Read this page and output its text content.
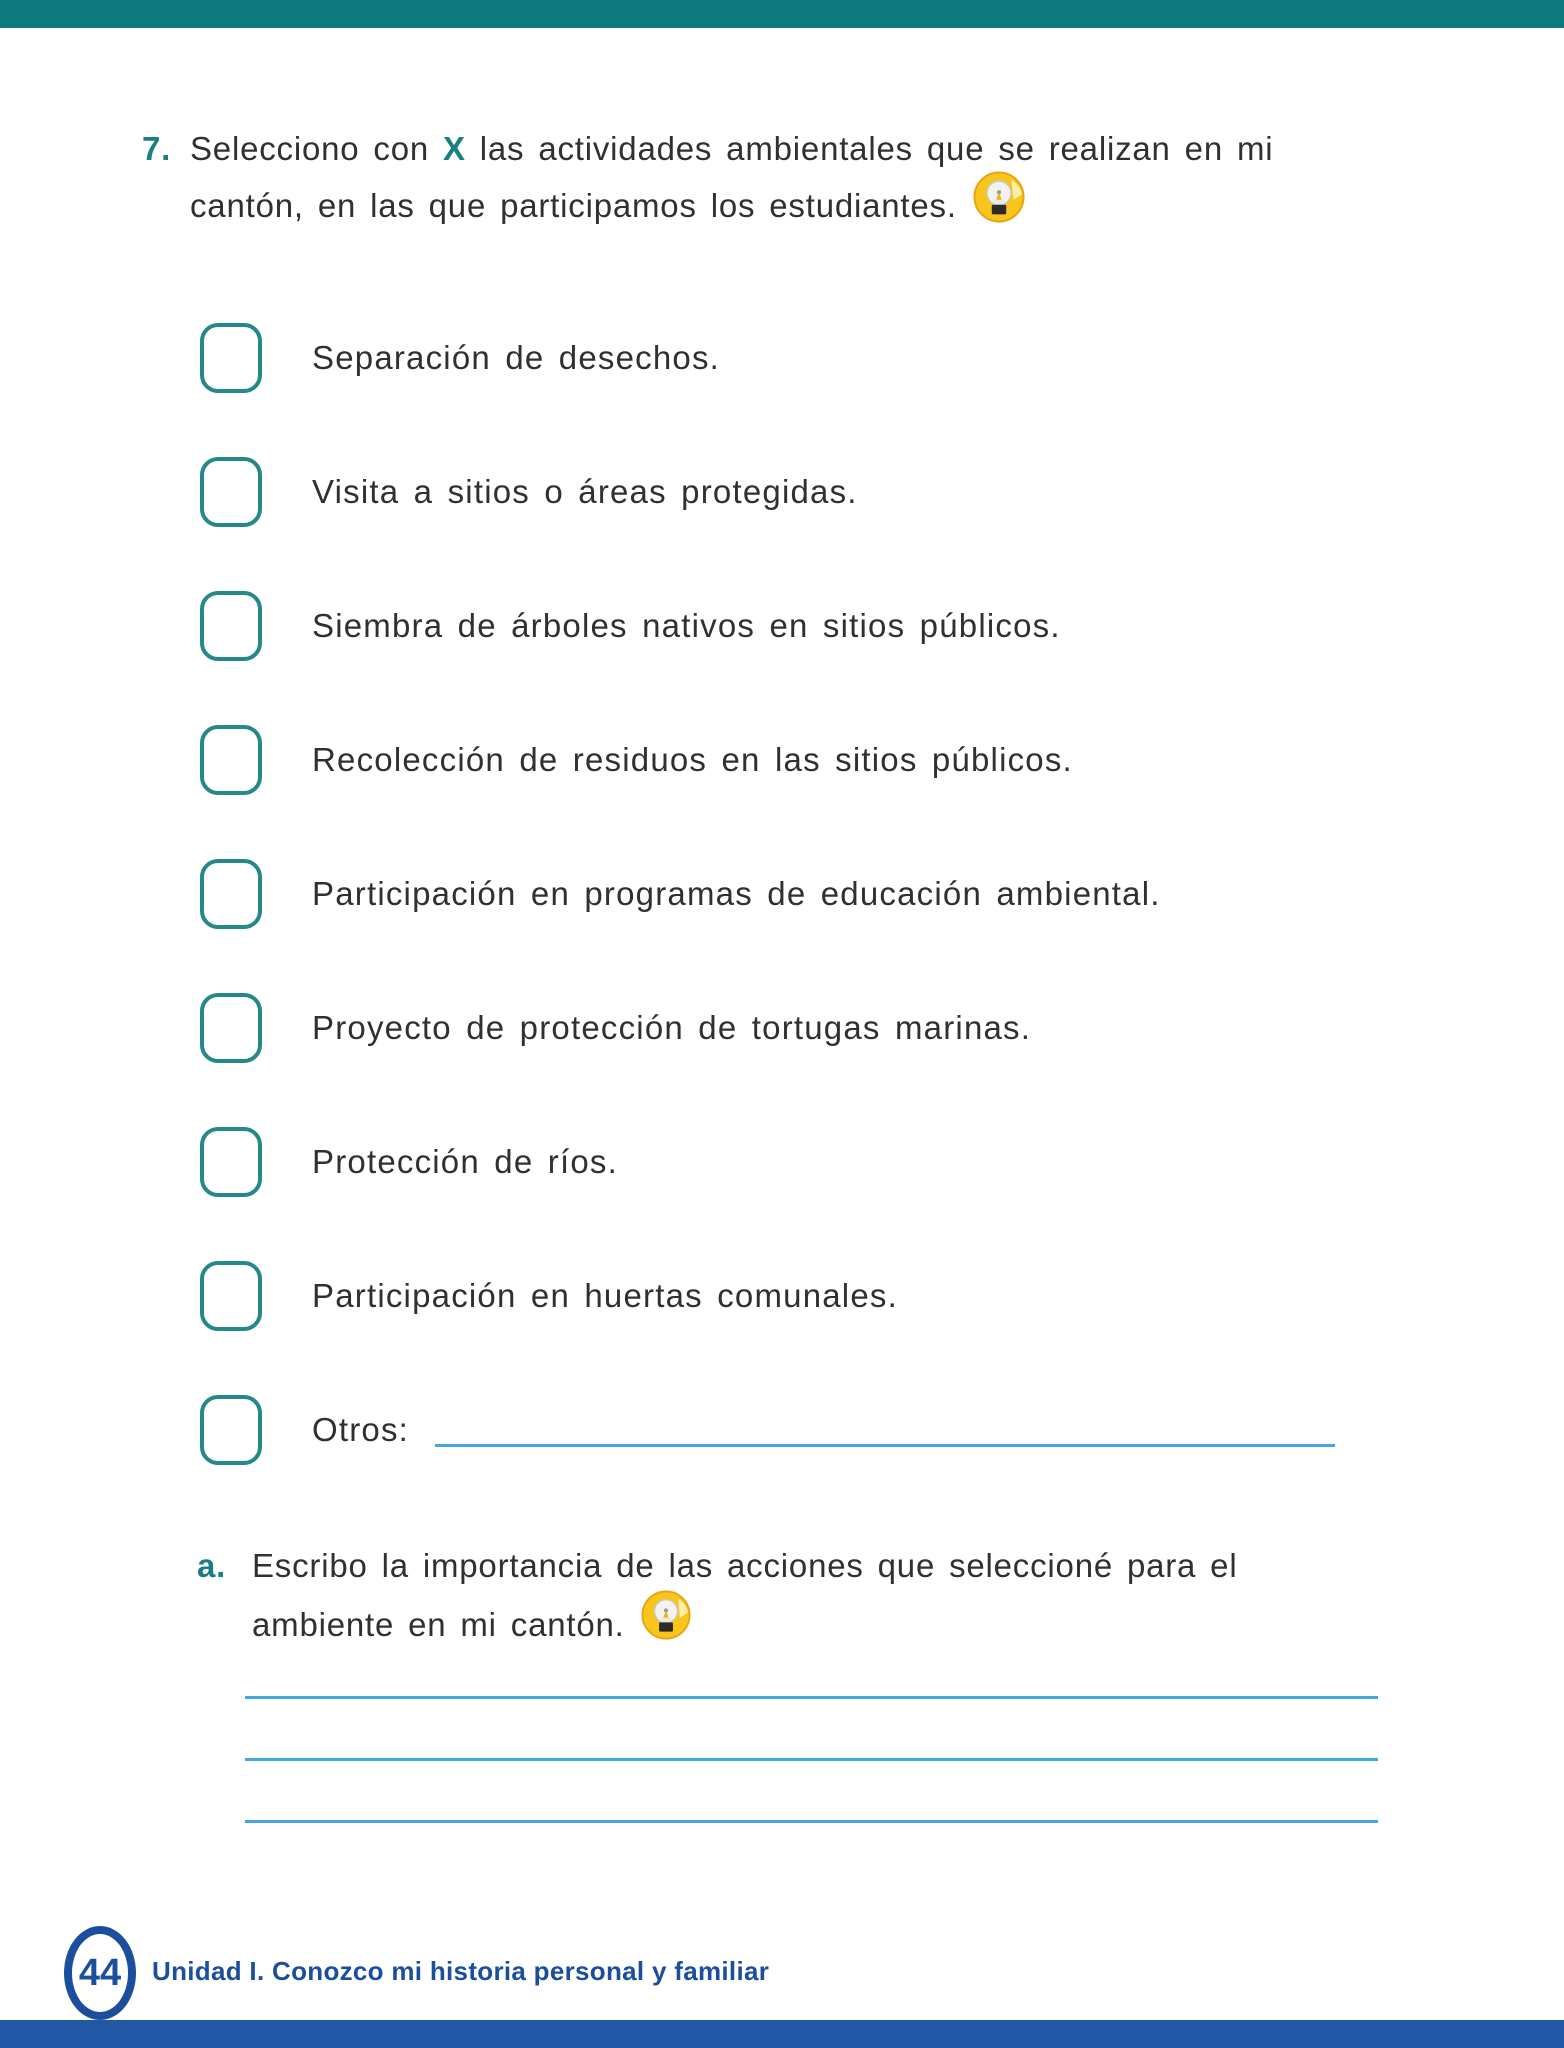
7. Selecciono con X las actividades ambientales que se realizan en mi
cantón, en las que participamos los estudiantes.
Separación de desechos.
Visita a sitios o áreas protegidas.
Siembra de árboles nativos en sitios públicos.
Recolección de residuos en las sitios públicos.
Participación en programas de educación ambiental.
Proyecto de protección de tortugas marinas.
Protección de ríos.
Participación en huertas comunales.
Otros:
a. Escribo la importancia de las acciones que seleccioné para el
ambiente en mi cantón.
44 Unidad I. Conozco mi historia personal y familiar
